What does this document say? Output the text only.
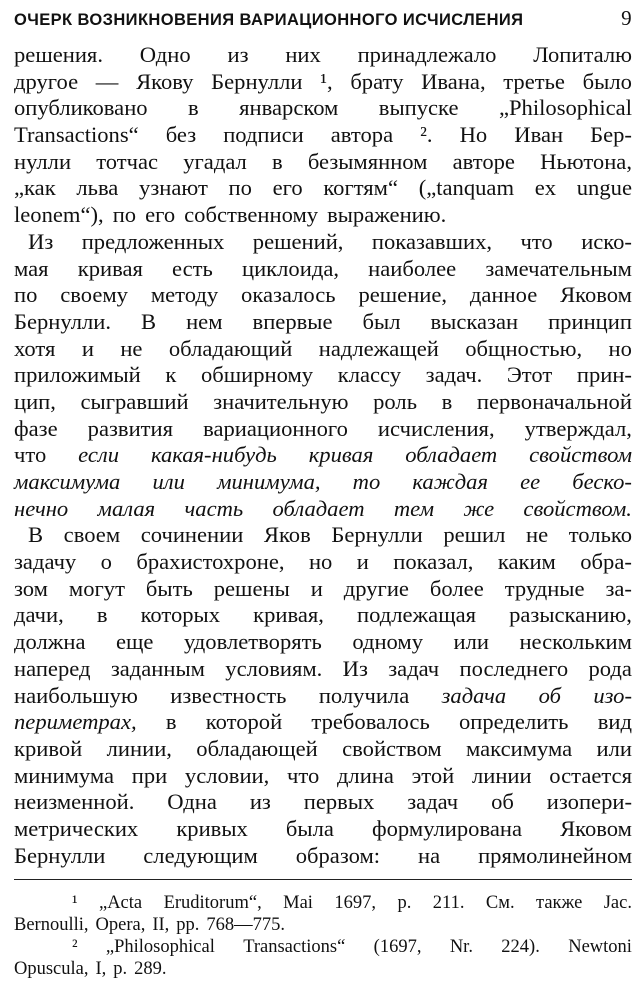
ОЧЕРК ВОЗНИКНОВЕНИЯ ВАРИАЦИОННОГО ИСЧИСЛЕНИЯ	9
решения. Одно из них принадлежало Лопиталю
другое — Якову Бернулли ¹, брату Ивана, третье было
опубликовано в январском выпуске „Philosophical
Transactions“ без подписи автора ². Но Иван Бер-
нулли тотчас угадал в безымянном авторе Ньютона,
„как льва узнают по его когтям“ („tanquam ex ungue
leonem“), по его собственному выражению.
Из предложенных решений, показавших, что иско-
мая кривая есть циклоида, наиболее замечательным
по своему методу оказалось решение, данное Яковом
Бернулли. В нем впервые был высказан принцип
хотя и не обладающий надлежащей общностью, но
приложимый к обширному классу задач. Этот прин-
цип, сыгравший значительную роль в первоначальной
фазе развития вариационного исчисления, утверждал,
что если какая-нибудь кривая обладает свойством
максимума или минимума, то каждая ее беско-
нечно малая часть обладает тем же свойством.
В своем сочинении Яков Бернулли решил не только
задачу о брахистохроне, но и показал, каким обра-
зом могут быть решены и другие более трудные за-
дачи, в которых кривая, подлежащая разысканию,
должна еще удовлетворять одному или нескольким
наперед заданным условиям. Из задач последнего рода
наибольшую известность получила задача об изо-
периметрах, в которой требовалось определить вид
кривой линии, обладающей свойством максимума или
минимума при условии, что длина этой линии остается
неизменной. Одна из первых задач об изопери-
метрических кривых была формулирована Яковом
Бернулли следующим образом: на прямолинейном
¹ „Acta Eruditorum“, Mai 1697, p. 211. См. также Jac.
Bernoulli, Opera, II, pp. 768—775.
² „Philosophical Transactions“ (1697, Nr. 224). Newtoni
Opuscula, I, p. 289.
